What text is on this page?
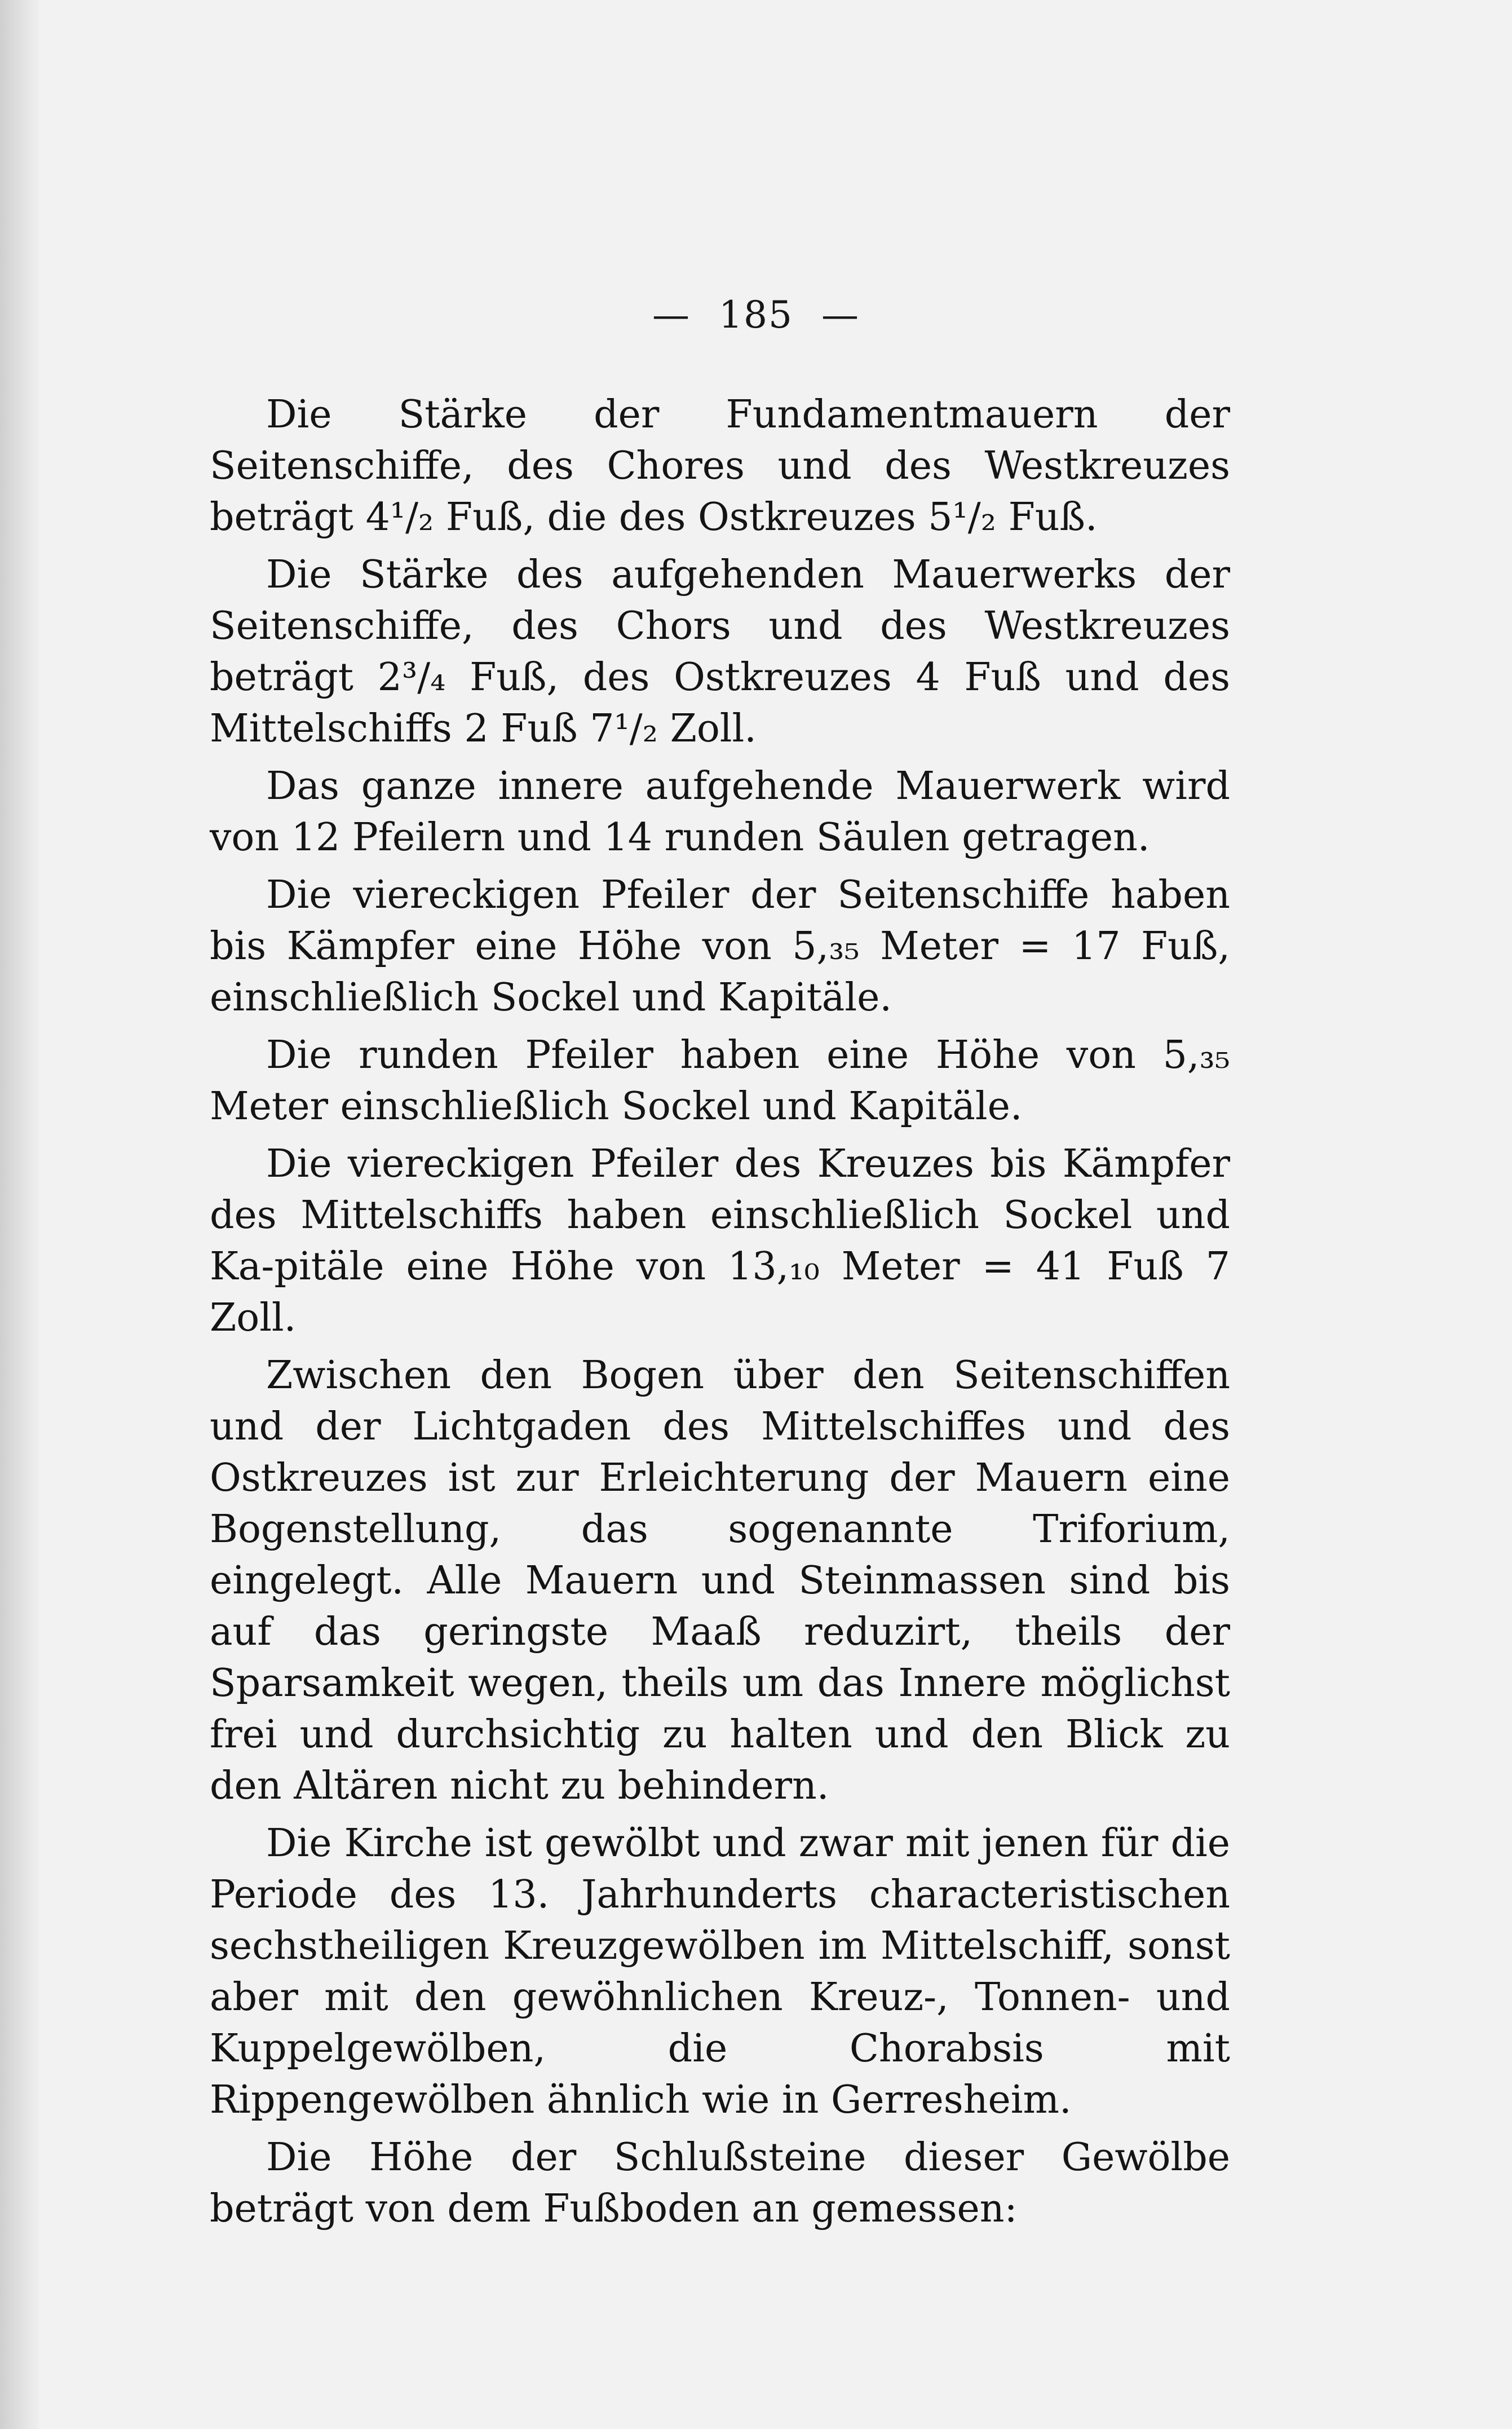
— 185 —

Die Stärke der Fundamentmauern der Seitenschiffe, des Chores und des Westkreuzes beträgt 4¹/₂ Fuß, die des Ostkreuzes 5¹/₂ Fuß.

Die Stärke des aufgehenden Mauerwerks der Seitenschiffe, des Chors und des Westkreuzes beträgt 2³/₄ Fuß, des Ostkreuzes 4 Fuß und des Mittelschiffs 2 Fuß 7¹/₂ Zoll.

Das ganze innere aufgehende Mauerwerk wird von 12 Pfeilern und 14 runden Säulen getragen.

Die viereckigen Pfeiler der Seitenschiffe haben bis Kämpfer eine Höhe von 5,₃₅ Meter = 17 Fuß, einschließlich Sockel und Kapitäle.

Die runden Pfeiler haben eine Höhe von 5,₃₅ Meter einschließlich Sockel und Kapitäle.

Die viereckigen Pfeiler des Kreuzes bis Kämpfer des Mittelschiffs haben einschließlich Sockel und Ka-pitäle eine Höhe von 13,₁₀ Meter = 41 Fuß 7 Zoll.

Zwischen den Bogen über den Seitenschiffen und der Lichtgaden des Mittelschiffes und des Ostkreuzes ist zur Erleichterung der Mauern eine Bogenstellung, das sogenannte Triforium, eingelegt. Alle Mauern und Steinmassen sind bis auf das geringste Maaß reduzirt, theils der Sparsamkeit wegen, theils um das Innere möglichst frei und durchsichtig zu halten und den Blick zu den Altären nicht zu behindern.

Die Kirche ist gewölbt und zwar mit jenen für die Periode des 13. Jahrhunderts characteristischen sechstheiligen Kreuzgewölben im Mittelschiff, sonst aber mit den gewöhnlichen Kreuz-, Tonnen- und Kuppelgewölben, die Chorabsis mit Rippengewölben ähnlich wie in Gerresheim.

Die Höhe der Schlußsteine dieser Gewölbe beträgt von dem Fußboden an gemessen:
